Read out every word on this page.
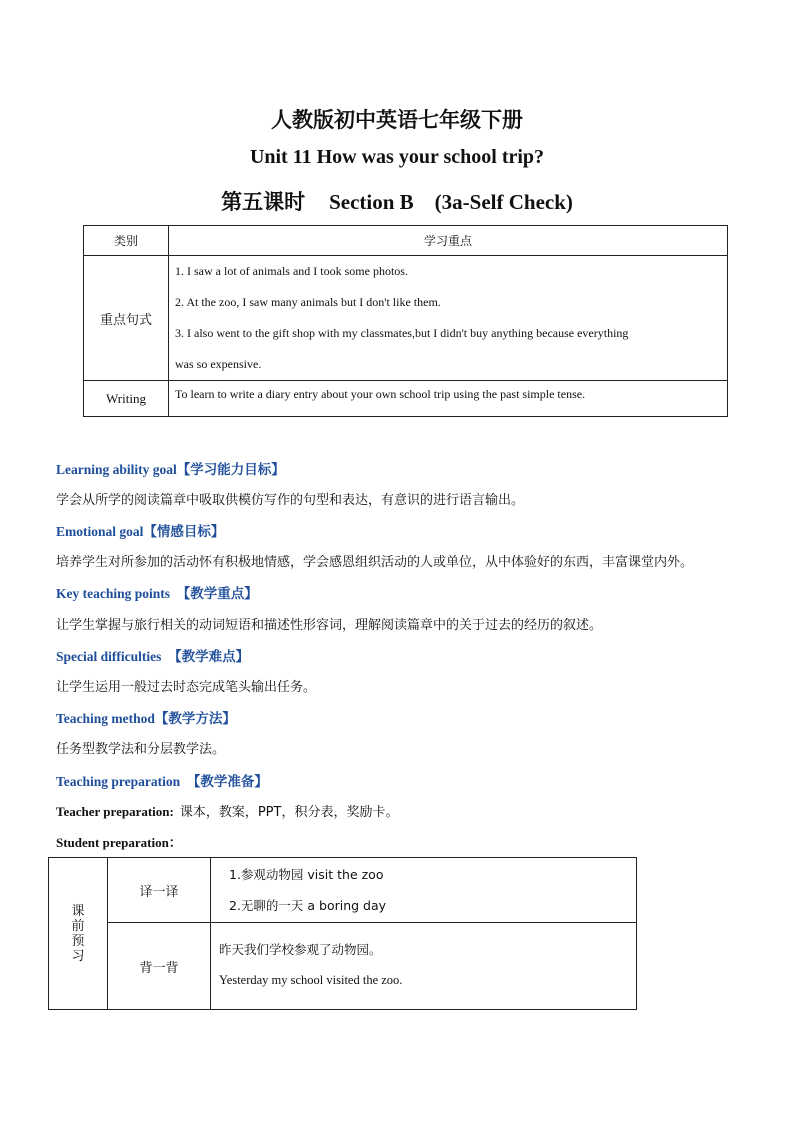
人教版初中英语七年级下册
Unit 11 How was your school trip?
第五课时 Section B　(3a-Self Check)
类别	学习重点
重点句式	1. I saw a lot of animals and I took some photos.
2. At the zoo, I saw many animals but I don't like them.
3. I also went to the gift shop with my classmates,but I didn't buy anything because everything
was so expensive.

Writing	To learn to write a diary entry about your own school trip using the past simple tense.
Learning ability goal【学习能力目标】
学会从所学的阅读篇章中吸取供模仿写作的句型和表达，有意识的进行语言输出。
Emotional goal【情感目标】
培养学生对所参加的活动怀有积极地情感，学会感恩组织活动的人或单位，从中体验好的东西，丰富课堂内外。
Key teaching points　【教学重点】
让学生掌握与旅行相关的动词短语和描述性形容词，理解阅读篇章中的关于过去的经历的叙述。
Special difficulties　【教学难点】
让学生运用一般过去时态完成笔头输出任务。
Teaching method【教学方法】
任务型教学法和分层教学法。
Teaching preparation　【教学准备】
Teacher preparation: 课本，教案，PPT，积分表，奖励卡。
Student preparation：
课前预习	译一译	1.参观动物园 visit the zoo
2.无聊的一天 a boring day

	背一背	昨天我们学校参观了动物园。
Yesterday my school visited the zoo.
